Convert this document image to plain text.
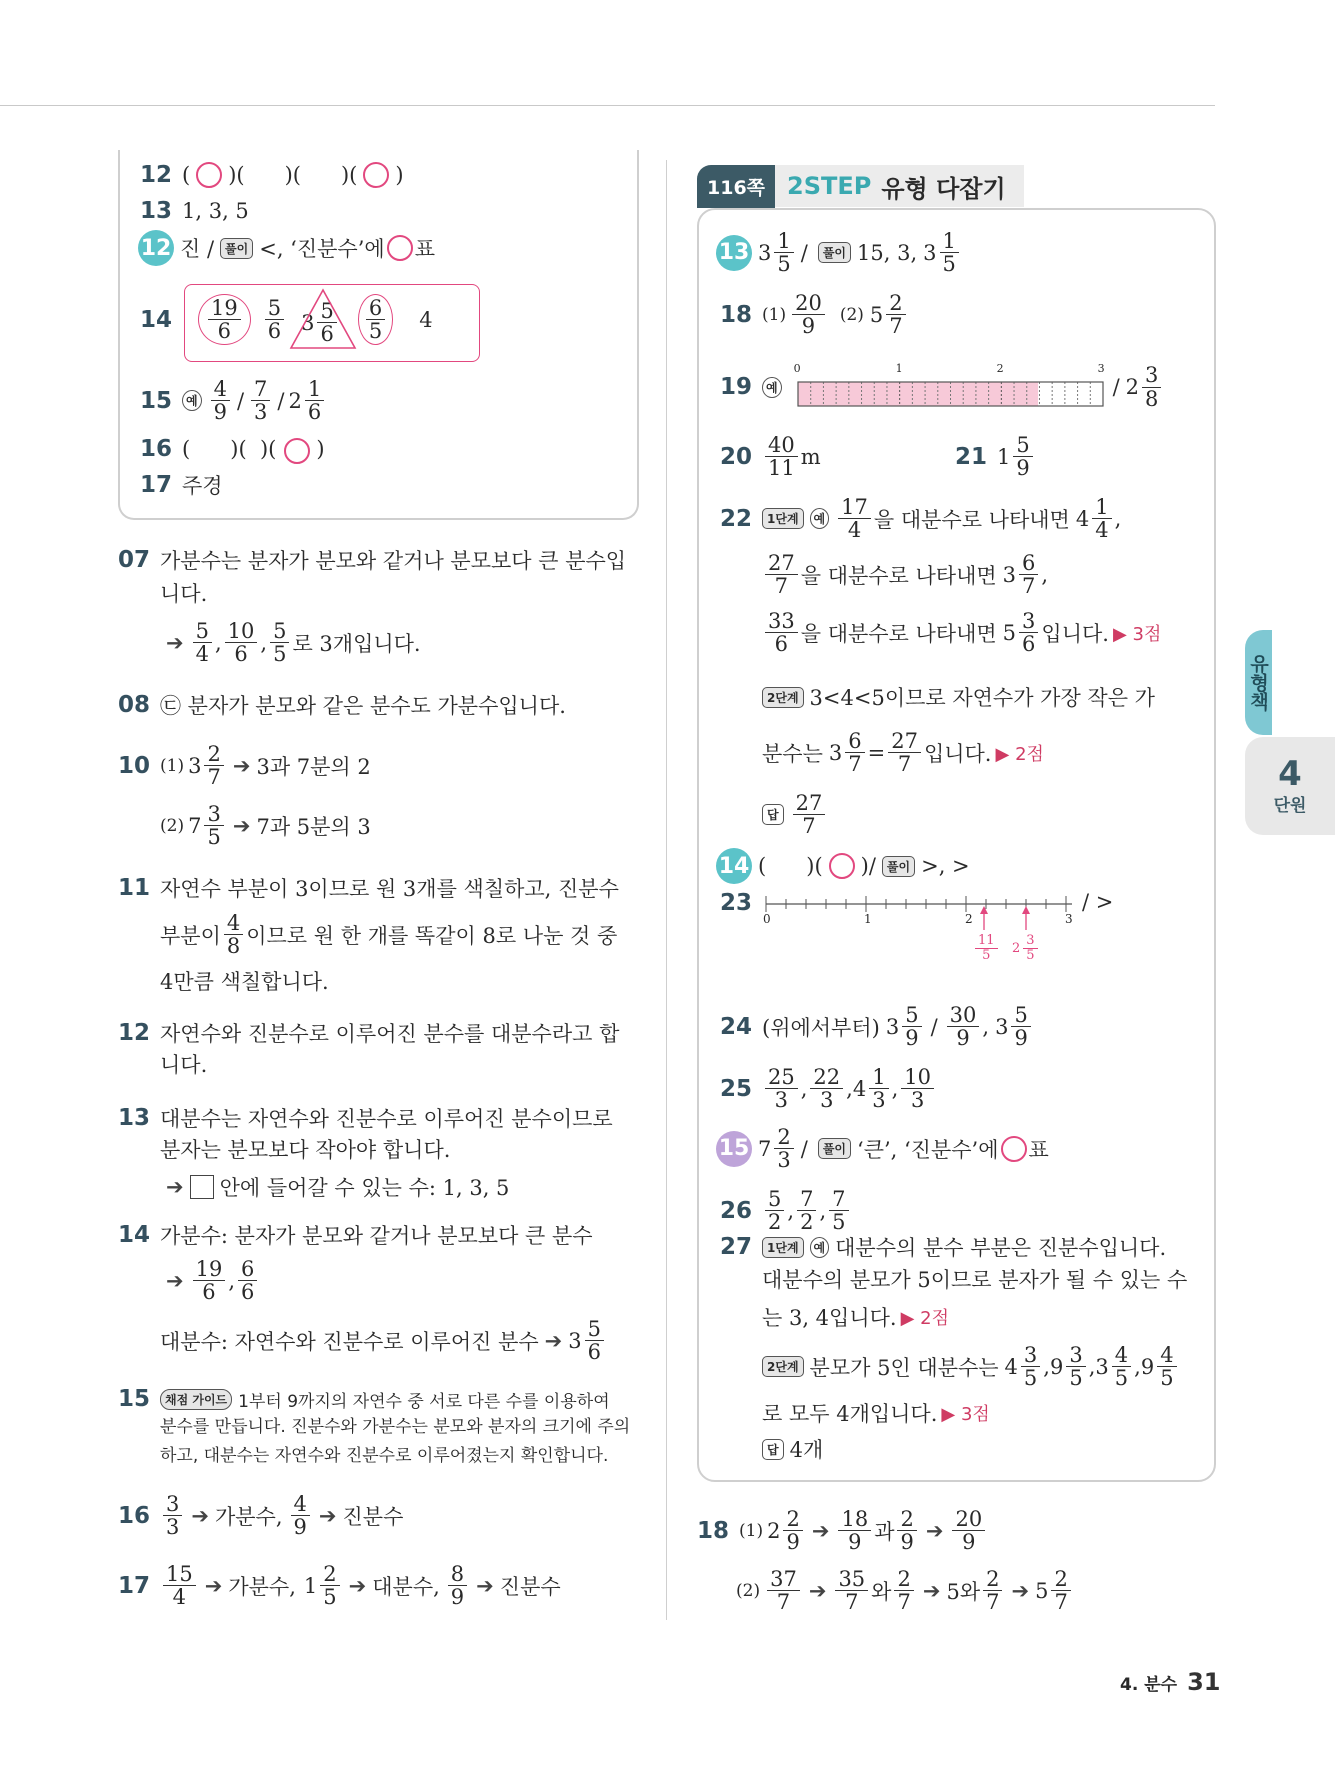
12 ( ○ )( )( )( ○ )
13 1, 3, 5
12 진 / 풀이 <, ‘진분수’에 ○ 표
14	$\frac{19}{6} \frac{5}{6} 3 \frac{5}{6} \frac{6}{5} 4$
15	예 $\frac{4}{9} / \frac{7}{3} / 2 \frac{1}{6}$
16 (      )(  )(      )
17 주경
07 가분수는 분자가 분모와 같거나 분모보다 큰 분수입
니다.
➔ $\frac{5}{4}$ , $\frac{10}{6}$ , $\frac{5}{5}$ 로 3개입니다.
08 ㉢ 분자가 분모와 같은 분수도 가분수입니다.
10 (1) $3 \frac{2}{7}$ ➔ 3과 7분의 2
(2) $7 \frac{3}{5}$ ➔ 7과 5분의 3
11 자연수 부분이 3이므로 원 3개를 색칠하고, 진분수
부분이 $\frac{4}{8}$ 이므로 원 한 개를 똑같이 8로 나눈 것 중
4만큼 색칠합니다.
12 자연수와 진분수로 이루어진 분수를 대분수라고 합
니다.
13 대분수는 자연수와 진분수로 이루어진 분수이므로
분자는 분모보다 작아야 합니다.
➔ 안에 들어갈 수 있는 수: 1, 3, 5
14 가분수: 분자가 분모와 같거나 분모보다 큰 분수
➔ $\frac{19}{6}$ , $\frac{6}{6}$
대분수: 자연수와 진분수로 이루어진 분수 ➔ $3 \frac{5}{6}$
15	채점 가이드 1부터 9까지의 자연수 중 서로 다른 수를 이용하여
분수를 만듭니다. 진분수와 가분수는 분모와 분자의 크기에 주의
하고, 대분수는 자연수와 진분수로 이루어졌는지 확인합니다.
$16 \frac{3}{3}$ ➔ 가분수, $\frac{4}{9}$ ➔ 진분수
$17 \frac{15}{4}$ ➔ 가분수, $1 \frac{2}{5}$ ➔ 대분수, $\frac{8}{9}$ ➔ 진분수
116쪽 2STEP 유형 다잡기
13 $3 \frac{1}{5}$ /	풀이 15, 3, $3 \frac{1}{5}$
18 $(1) \frac{20}{9} (2)$ $5 \frac{2}{7}$
19	예
0	1	2	3
/ $2 \frac{3}{8}$
$20 \frac{40}{11}$ m	21 $1 \frac{5}{9}$
22	1단계	예 $\frac{17}{4}$ 을 대분수로 나타내면 $4 \frac{1}{4}$ ,
$\frac{27}{7}$ 을 대분수로 나타내면 $3 \frac{6}{7}$ ,
$\frac{33}{6}$ 을 대분수로 나타내면 $5 \frac{3}{6}$ 입니다. ▶ 3점
2단계 3<4<5이므로 자연수가 가장 작은 가
분수는 $3 \frac{6}{7} = \frac{27}{7}$ 입니다. ▶ 2점
답 $\frac{27}{7}$
14 (      )( ○ )/ 풀이 >, >
23
0	1	2	3
$\frac{11}{5} 2 \frac{3}{5}$
/ >
24 (위에서부터) $3 \frac{5}{9} / \frac{30}{9}$ , $3 \frac{5}{9}$
$25 \frac{25}{3}$ , $\frac{22}{3}$ , $4 \frac{1}{3}$ , $\frac{10}{3}$
15 $7 \frac{2}{3}$ /	풀이 ‘큰’, ‘진분수’에 ○ 표
$26 \frac{5}{2}$ , $\frac{7}{2}$ , $\frac{7}{5}$
27	1단계	예 대분수의 분수 부분은 진분수입니다.
대분수의 분모가 5이므로 분자가 될 수 있는 수
는 3, 4입니다. ▶ 2점
2단계 분모가 5인 대분수는 $4 \frac{3}{5}$ , $9 \frac{3}{5}$ , $3 \frac{4}{5}$ , $9 \frac{4}{5}$
로 모두 4개입니다. ▶ 3점
답 4개
18 (1) $2 \frac{2}{9}$ ➔ $\frac{18}{9}$ 과 $\frac{2}{9}$ ➔ $\frac{20}{9}$
$(2) \frac{37}{7}$ ➔ $\frac{35}{7}$ 와 $\frac{2}{7}$ ➔ 5와 $\frac{2}{7}$ ➔ $5 \frac{2}{7}$
유형책
4
단원
4. 분수 31
